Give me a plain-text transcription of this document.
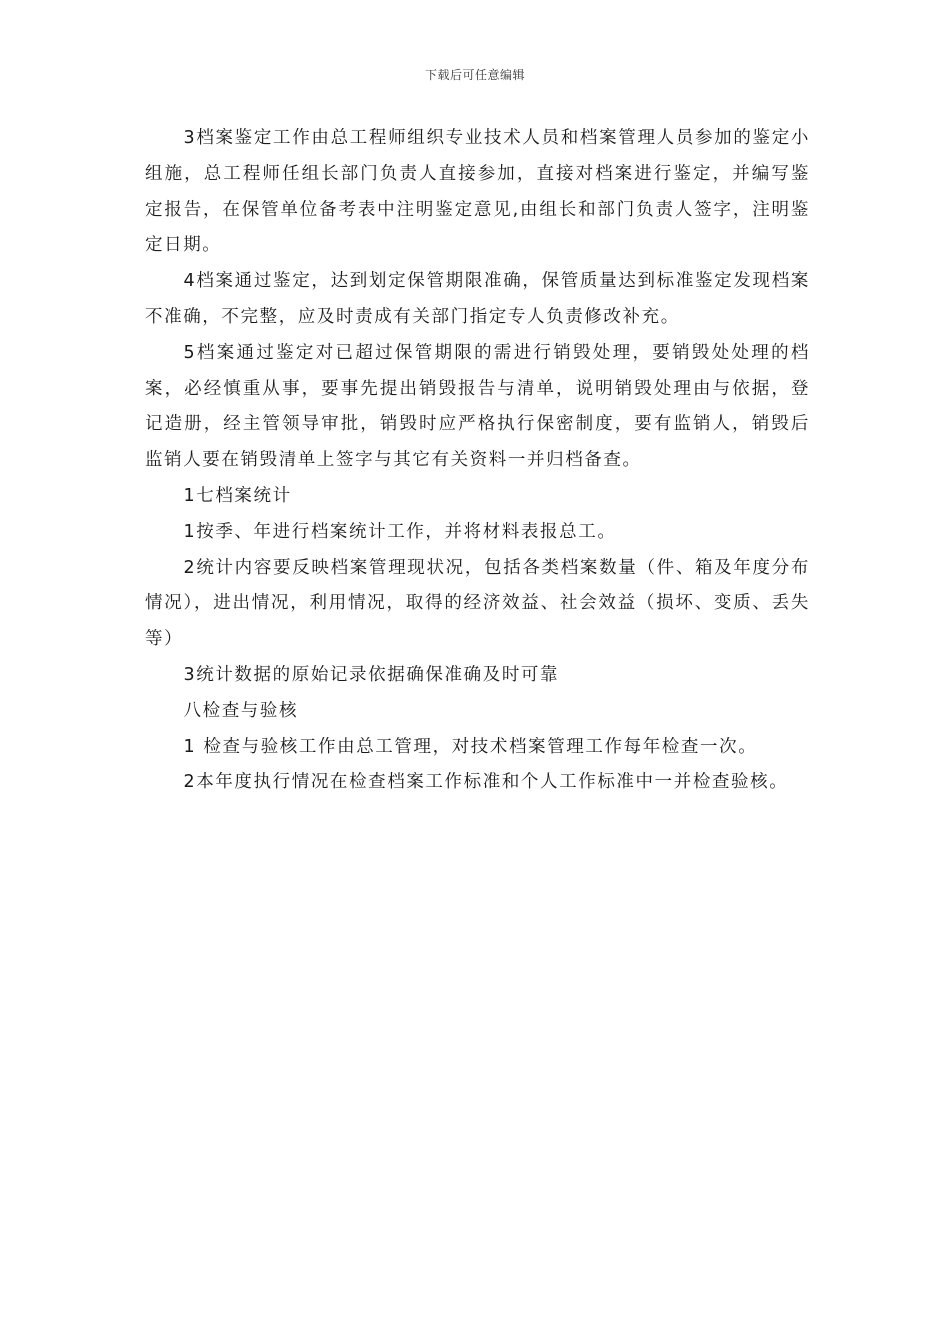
下载后可任意编辑

3档案鉴定工作由总工程师组织专业技术人员和档案管理人员参加的鉴定小组施，总工程师任组长部门负责人直接参加，直接对档案进行鉴定，并编写鉴定报告，在保管单位备考表中注明鉴定意见,由组长和部门负责人签字，注明鉴定日期。

4档案通过鉴定，达到划定保管期限准确，保管质量达到标准鉴定发现档案不准确，不完整，应及时责成有关部门指定专人负责修改补充。

5档案通过鉴定对已超过保管期限的需进行销毁处理，要销毁处处理的档案，必经慎重从事，要事先提出销毁报告与清单，说明销毁处理由与依据，登记造册，经主管领导审批，销毁时应严格执行保密制度，要有监销人，销毁后监销人要在销毁清单上签字与其它有关资料一并归档备查。

1七档案统计

1按季、年进行档案统计工作，并将材料表报总工。

2统计内容要反映档案管理现状况，包括各类档案数量（件、箱及年度分布情况），进出情况，利用情况，取得的经济效益、社会效益（损坏、变质、丢失等）

3统计数据的原始记录依据确保准确及时可靠

八检查与验核

1 检查与验核工作由总工管理，对技术档案管理工作每年检查一次。

2本年度执行情况在检查档案工作标准和个人工作标准中一并检查验核。
